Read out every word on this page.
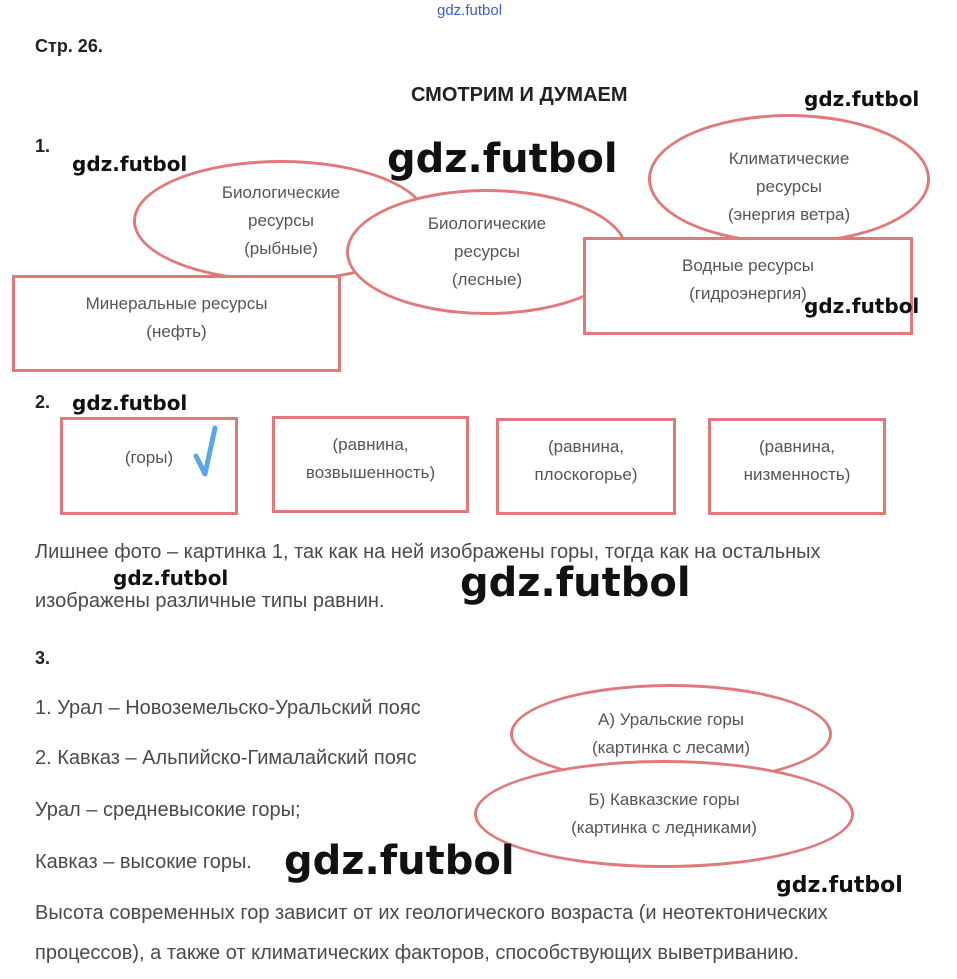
gdz.futbol
Стр. 26.
СМОТРИМ И ДУМАЕМ	gdz.futbol
1.
gdz.futbol
Биологические
ресурсы
(рыбные)
Биологические
ресурсы
(лесные)
Климатические
ресурсы
(энергия ветра)
Водные ресурсы
(гидроэнергия)
Минеральные ресурсы
(нефть)
gdz.futbol
gdz.futbol
2. gdz.futbol
(горы)
(равнина,
возвышенность)
(равнина,
плоскогорье)
(равнина,
низменность)
Лишнее фото – картинка 1, так как на ней изображены горы, тогда как на остальных
изображены различные типы равнин.
gdz.futbol	gdz.futbol
3.
1. Урал – Новоземельско-Уральский пояс
2. Кавказ – Альпийско-Гималайский пояс
Урал – средневысокие горы;
Кавказ – высокие горы.
А) Уральские горы
(картинка с лесами)
Б) Кавказские горы
(картинка с ледниками)
gdz.futbol
gdz.futbol
Высота современных гор зависит от их геологического возраста (и неотектонических
процессов), а также от климатических факторов, способствующих выветриванию.
